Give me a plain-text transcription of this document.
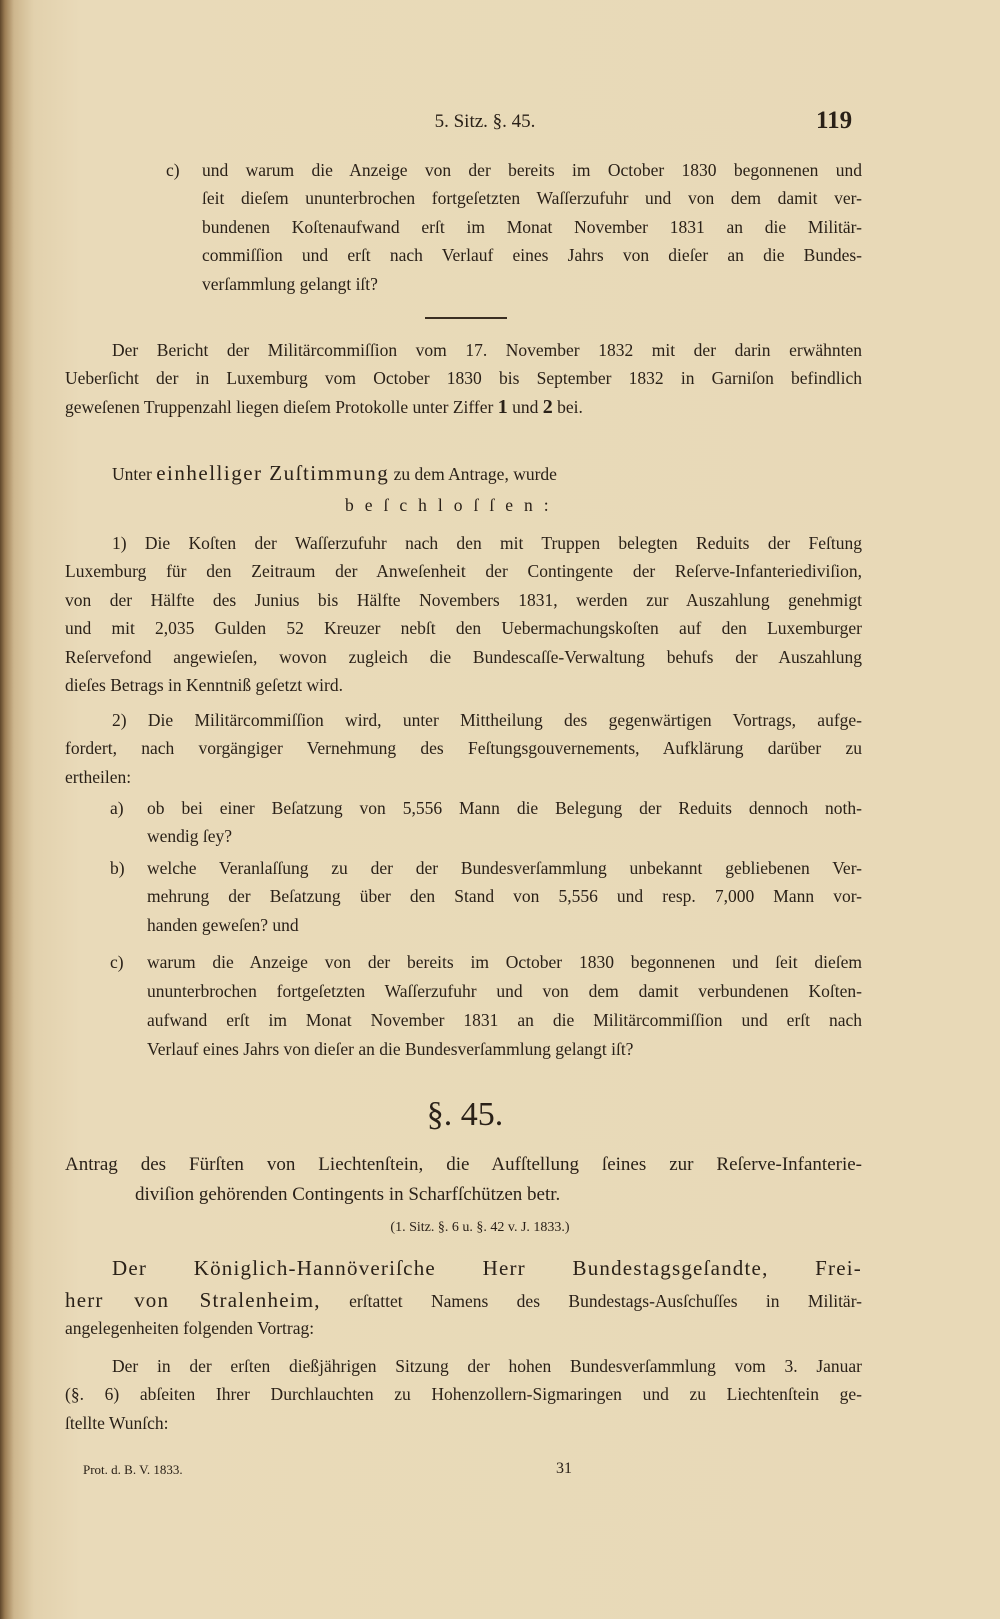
5. Sitz. §. 45.	119
c) und warum die Anzeige von der bereits im October 1830 begonnenen und
ſeit dieſem ununterbrochen fortgeſetzten Waſſerzufuhr und von dem damit ver-
bundenen Koſtenaufwand erſt im Monat November 1831 an die Militär-
commiſſion und erſt nach Verlauf eines Jahrs von dieſer an die Bundes-
verſammlung gelangt iſt?
Der Bericht der Militärcommiſſion vom 17. November 1832 mit der darin erwähnten
Ueberſicht der in Luxemburg vom October 1830 bis September 1832 in Garniſon befindlich
geweſenen Truppenzahl liegen dieſem Protokolle unter Ziffer 1 und 2 bei.
Unter einhelliger Zuſtimmung zu dem Antrage, wurde
beſchloſſen:
1) Die Koſten der Waſſerzufuhr nach den mit Truppen belegten Reduits der Feſtung
Luxemburg für den Zeitraum der Anweſenheit der Contingente der Reſerve-Infanteriediviſion,
von der Hälfte des Junius bis Hälfte Novembers 1831, werden zur Auszahlung genehmigt
und mit 2,035 Gulden 52 Kreuzer nebſt den Uebermachungskoſten auf den Luxemburger
Reſervefond angewieſen, wovon zugleich die Bundescaſſe-Verwaltung behufs der Auszahlung
dieſes Betrags in Kenntniß geſetzt wird.
2) Die Militärcommiſſion wird, unter Mittheilung des gegenwärtigen Vortrags, aufge-
fordert, nach vorgängiger Vernehmung des Feſtungsgouvernements, Aufklärung darüber zu
ertheilen:
a) ob bei einer Beſatzung von 5,556 Mann die Belegung der Reduits dennoch noth-
wendig ſey?
b) welche Veranlaſſung zu der der Bundesverſammlung unbekannt gebliebenen Ver-
mehrung der Beſatzung über den Stand von 5,556 und resp. 7,000 Mann vor-
handen geweſen? und
c) warum die Anzeige von der bereits im October 1830 begonnenen und ſeit dieſem
ununterbrochen fortgeſetzten Waſſerzufuhr und von dem damit verbundenen Koſten-
aufwand erſt im Monat November 1831 an die Militärcommiſſion und erſt nach
Verlauf eines Jahrs von dieſer an die Bundesverſammlung gelangt iſt?
§. 45.
Antrag des Fürſten von Liechtenſtein, die Aufſtellung ſeines zur Reſerve-Infanterie-
diviſion gehörenden Contingents in Scharfſchützen betr.
(1. Sitz. §. 6 u. §. 42 v. J. 1833.)
Der Königlich-Hannöveriſche Herr Bundestagsgeſandte, Frei-
herr von Stralenheim, erſtattet Namens des Bundestags-Ausſchuſſes in Militär-
angelegenheiten folgenden Vortrag:
Der in der erſten dießjährigen Sitzung der hohen Bundesverſammlung vom 3. Januar
(§. 6) abſeiten Ihrer Durchlauchten zu Hohenzollern-Sigmaringen und zu Liechtenſtein ge-
ſtellte Wunſch:
Prot. d. B. V. 1833.	31
